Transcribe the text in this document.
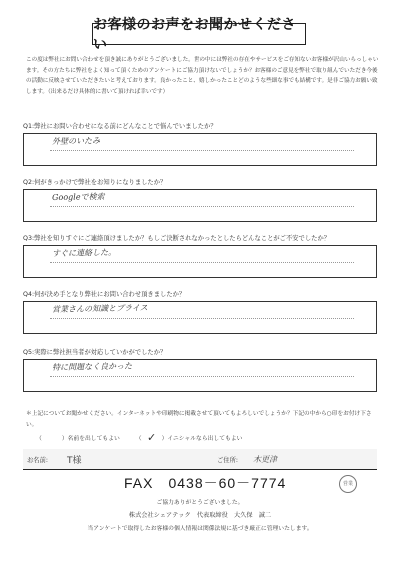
お客様のお声をお聞かせください
この度は弊社にお問い合わせを頂き誠にありがとうございました。世の中には弊社の存在やサービスをご存知ないお客様が沢山いらっしゃいます。その方たちに弊社をよく知って頂くためのアンケートにご協力頂けないでしょうか？お客様のご意見を弊社で取り組んでいただき今後の活動に反映させていただきたいと考えております。良かったこと、嬉しかったことどのような些細な事でも結構です。是非ご協力お願い致します。（出来るだけ具体的に書いて頂ければ幸いです）
Q1:弊社にお問い合わせになる前にどんなことで悩んでいましたか？
外壁のいたみ
Q2:何がきっかけで弊社をお知りになりましたか？
Googleで検索
Q3:弊社を知りすぐにご連絡頂けましたか？もしご決断されなかったとしたらどんなことがご不安でしたか？
すぐに連絡した。
Q4:何が決め手となり弊社にお問い合わせ頂きましたか？
営業さんの知識とプライス
Q5:実際に弊社担当者が対応していかがでしたか？
特に問題なく良かった
＊上記についてお聞かせください。インターネットや印刷物に掲載させて頂いてもよろしいでしょうか？下記の中から○印をお付け下さい。
（	）名前を出してもよい	（ ✓ ）イニシャルなら出してもよい
お名前:	T様	ご住所:	木更津
FAX　0438－60－7774	営業
ご協力ありがとうございました。
株式会社シェアテック　代表取締役　大久保　誠二
当アンケートで取得したお客様の個人情報は関係法規に基づき厳正に管理いたします。
